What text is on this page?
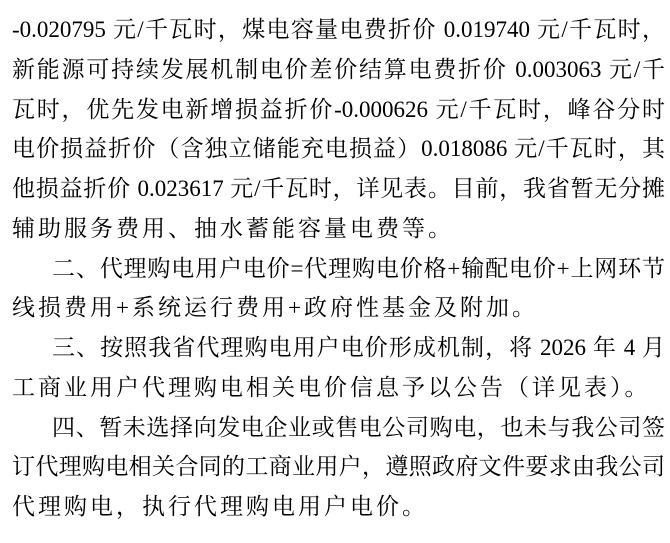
-0.020795 元/千瓦时，煤电容量电费折价 0.019740 元/千瓦时，
新能源可持续发展机制电价差价结算电费折价 0.003063 元/千
瓦时，优先发电新增损益折价-0.000626 元/千瓦时，峰谷分时
电价损益折价（含独立储能充电损益）0.018086 元/千瓦时，其
他损益折价 0.023617 元/千瓦时，详见表。目前，我省暂无分摊
辅助服务费用、抽水蓄能容量电费等。
二、代理购电用户电价=代理购电价格+输配电价+上网环节
线损费用+系统运行费用+政府性基金及附加。
三、按照我省代理购电用户电价形成机制，将 2026 年 4 月
工商业用户代理购电相关电价信息予以公告（详见表）。
四、暂未选择向发电企业或售电公司购电，也未与我公司签
订代理购电相关合同的工商业用户，遵照政府文件要求由我公司
代理购电，执行代理购电用户电价。
